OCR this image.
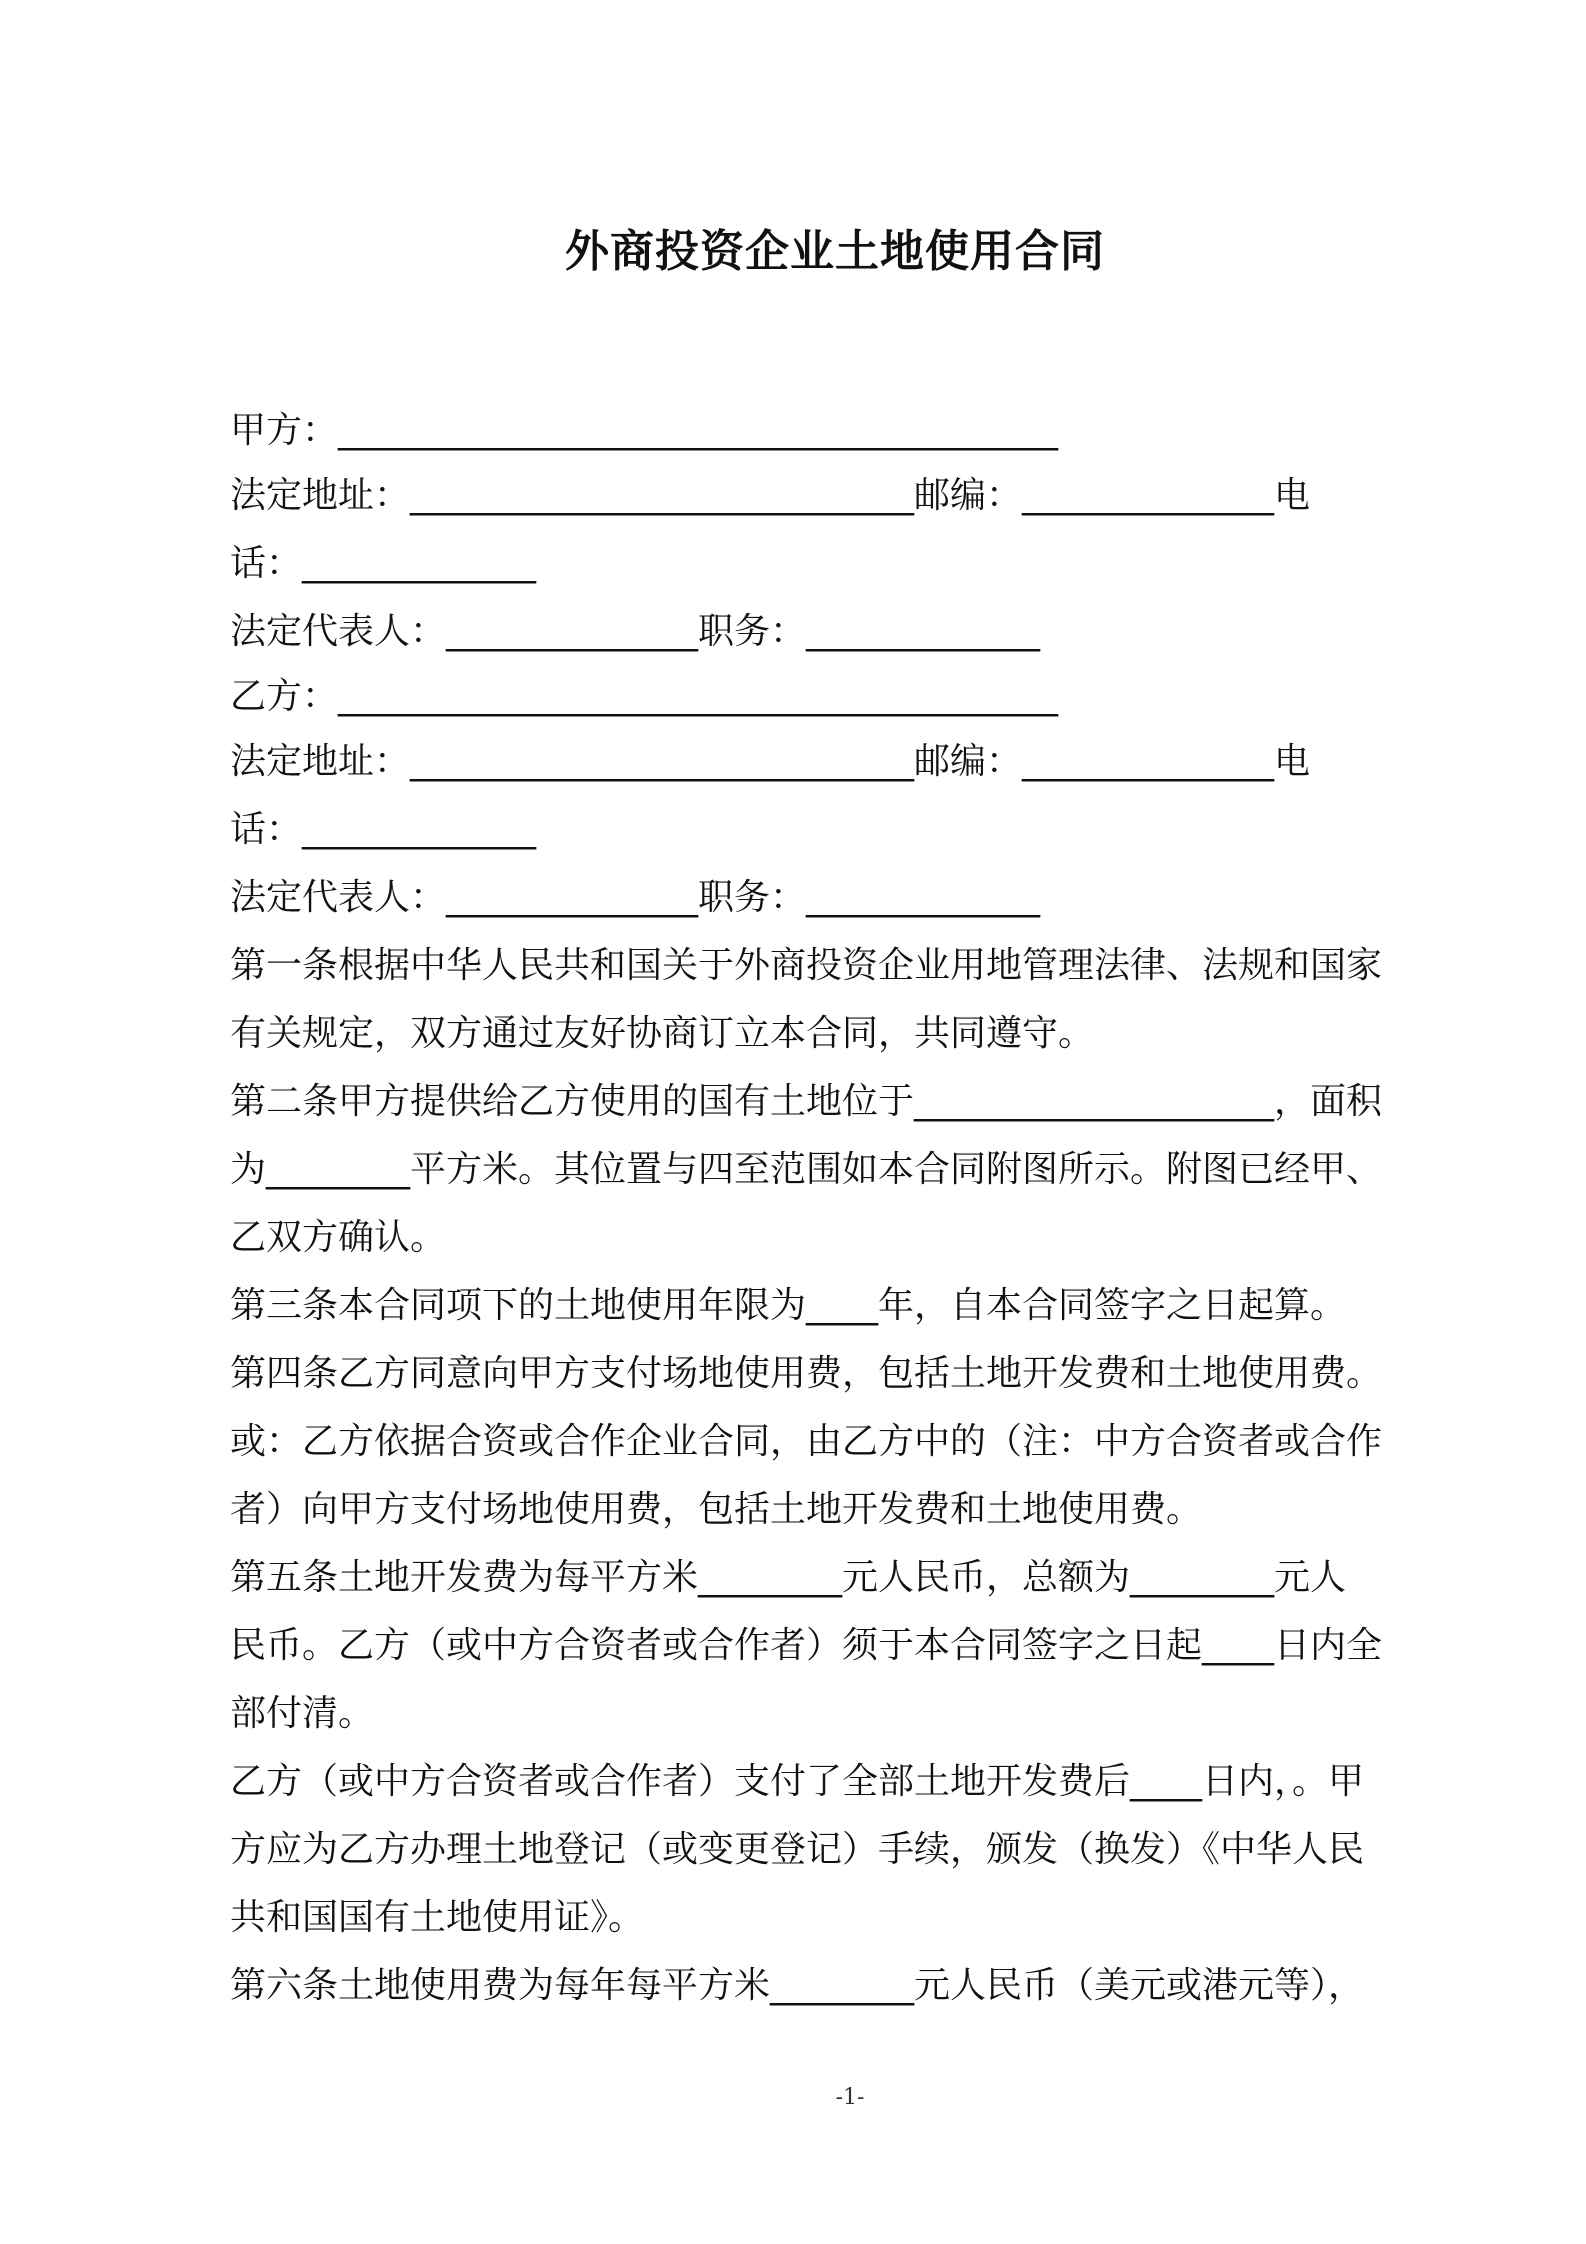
外商投资企业土地使用合同
甲方：________________________________________
法定地址：____________________________邮编：______________电
话：_____________
法定代表人：______________职务：_____________
乙方：________________________________________
法定地址：____________________________邮编：______________电
话：_____________
法定代表人：______________职务：_____________
第一条根据中华人民共和国关于外商投资企业用地管理法律、法规和国家
有关规定，双方通过友好协商订立本合同，共同遵守。
第二条甲方提供给乙方使用的国有土地位于____________________，面积
为________平方米。其位置与四至范围如本合同附图所示。附图已经甲、
乙双方确认。
第三条本合同项下的土地使用年限为____年，自本合同签字之日起算。
第四条乙方同意向甲方支付场地使用费，包括土地开发费和土地使用费。
或：乙方依据合资或合作企业合同，由乙方中的（注：中方合资者或合作
者）向甲方支付场地使用费，包括土地开发费和土地使用费。
第五条土地开发费为每平方米________元人民币，总额为________元人
民币。乙方（或中方合资者或合作者）须于本合同签字之日起____日内全
部付清。
乙方（或中方合资者或合作者）支付了全部土地开发费后____日内，。甲
方应为乙方办理土地登记（或变更登记）手续，颁发（换发）《中华人民
共和国国有土地使用证》。
第六条土地使用费为每年每平方米________元人民币（美元或港元等），
-1-
